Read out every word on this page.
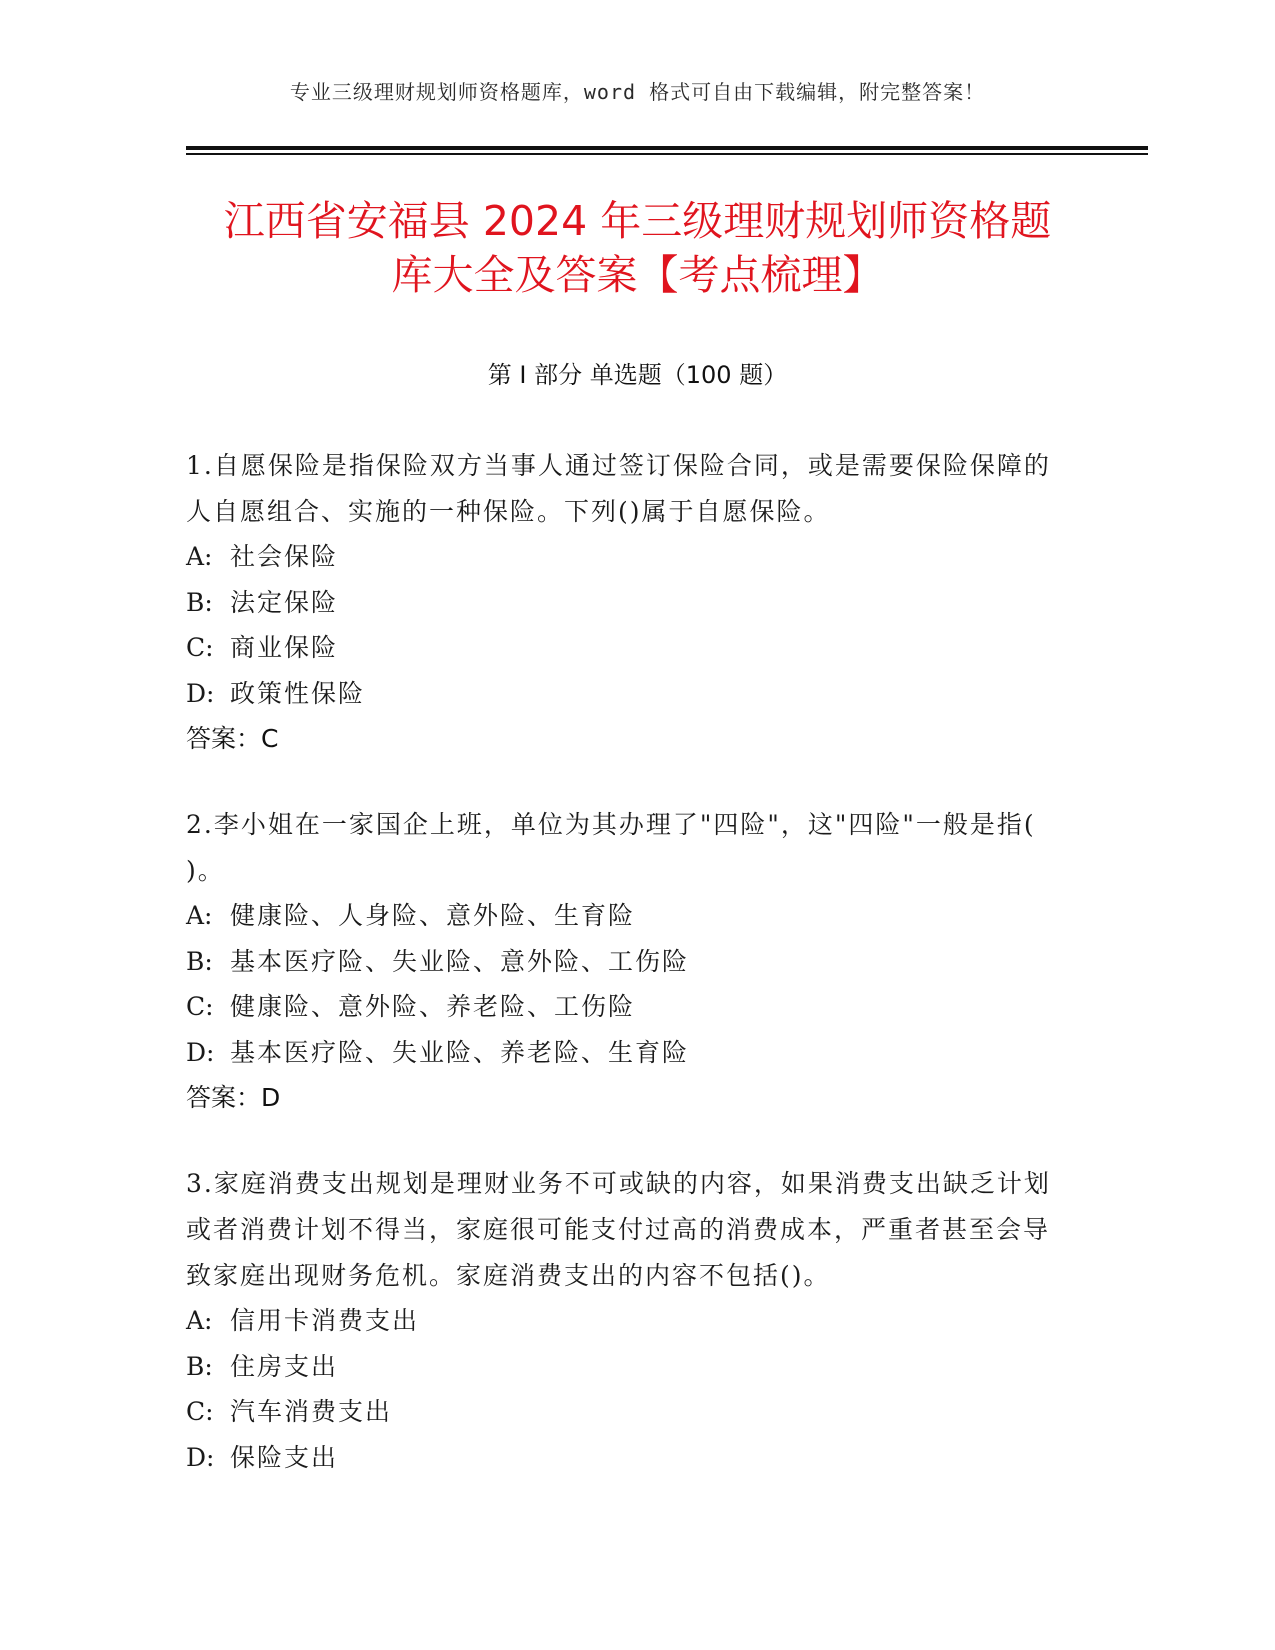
专业三级理财规划师资格题库，word 格式可自由下载编辑，附完整答案！
江西省安福县 2024 年三级理财规划师资格题
库大全及答案【考点梳理】
第 I 部分 单选题（100 题）
1.自愿保险是指保险双方当事人通过签订保险合同，或是需要保险保障的人自愿组合、实施的一种保险。下列()属于自愿保险。
A: 社会保险
B: 法定保险
C: 商业保险
D: 政策性保险
答案：C
2.李小姐在一家国企上班，单位为其办理了"四险"，这"四险"一般是指( )。
A: 健康险、人身险、意外险、生育险
B: 基本医疗险、失业险、意外险、工伤险
C: 健康险、意外险、养老险、工伤险
D: 基本医疗险、失业险、养老险、生育险
答案：D
3.家庭消费支出规划是理财业务不可或缺的内容，如果消费支出缺乏计划或者消费计划不得当，家庭很可能支付过高的消费成本，严重者甚至会导致家庭出现财务危机。家庭消费支出的内容不包括()。
A: 信用卡消费支出
B: 住房支出
C: 汽车消费支出
D: 保险支出
